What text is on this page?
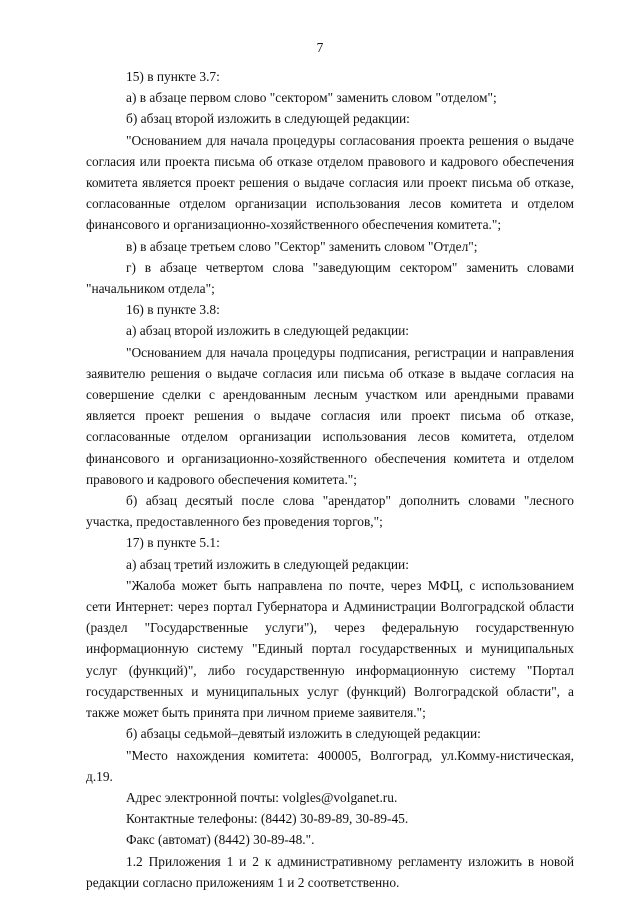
7

15) в пункте 3.7:

а) в абзаце первом слово "сектором" заменить словом "отделом";

б) абзац второй изложить в следующей редакции:

"Основанием для начала процедуры согласования проекта решения о выдаче согласия или проекта письма об отказе отделом правового и кадрового обеспечения комитета является проект решения о выдаче согласия или проект письма об отказе, согласованные отделом организации использования лесов комитета и отделом финансового и организационно-хозяйственного обеспечения комитета.";

в) в абзаце третьем слово "Сектор" заменить словом "Отдел";

г) в абзаце четвертом слова "заведующим сектором" заменить словами "начальником отдела";

16) в пункте 3.8:

а) абзац второй изложить в следующей редакции:

"Основанием для начала процедуры подписания, регистрации и направления заявителю решения о выдаче согласия или письма об отказе в выдаче согласия на совершение сделки с арендованным лесным участком или арендными правами является проект решения о выдаче согласия или проект письма об отказе, согласованные отделом организации использования лесов комитета, отделом финансового и организационно-хозяйственного обеспечения комитета и отделом правового и кадрового обеспечения комитета.";

б) абзац десятый после слова "арендатор" дополнить словами "лесного участка, предоставленного без проведения торгов,";

17) в пункте 5.1:

а) абзац третий изложить в следующей редакции:

"Жалоба может быть направлена по почте, через МФЦ, с использованием сети Интернет: через портал Губернатора и Администрации Волгоградской области (раздел "Государственные услуги"), через федеральную государственную информационную систему "Единый портал государственных и муниципальных услуг (функций)", либо государственную информационную систему "Портал государственных и муниципальных услуг (функций) Волгоградской области", а также может быть принята при личном приеме заявителя.";

б) абзацы седьмой–девятый изложить в следующей редакции:

"Место нахождения комитета: 400005, Волгоград, ул.Комму-нистическая, д.19.

Адрес электронной почты: volgles@volganet.ru.

Контактные телефоны: (8442) 30-89-89, 30-89-45.

Факс (автомат) (8442) 30-89-48.".

1.2 Приложения 1 и 2 к административному регламенту изложить в новой редакции согласно приложениям 1 и 2 соответственно.
